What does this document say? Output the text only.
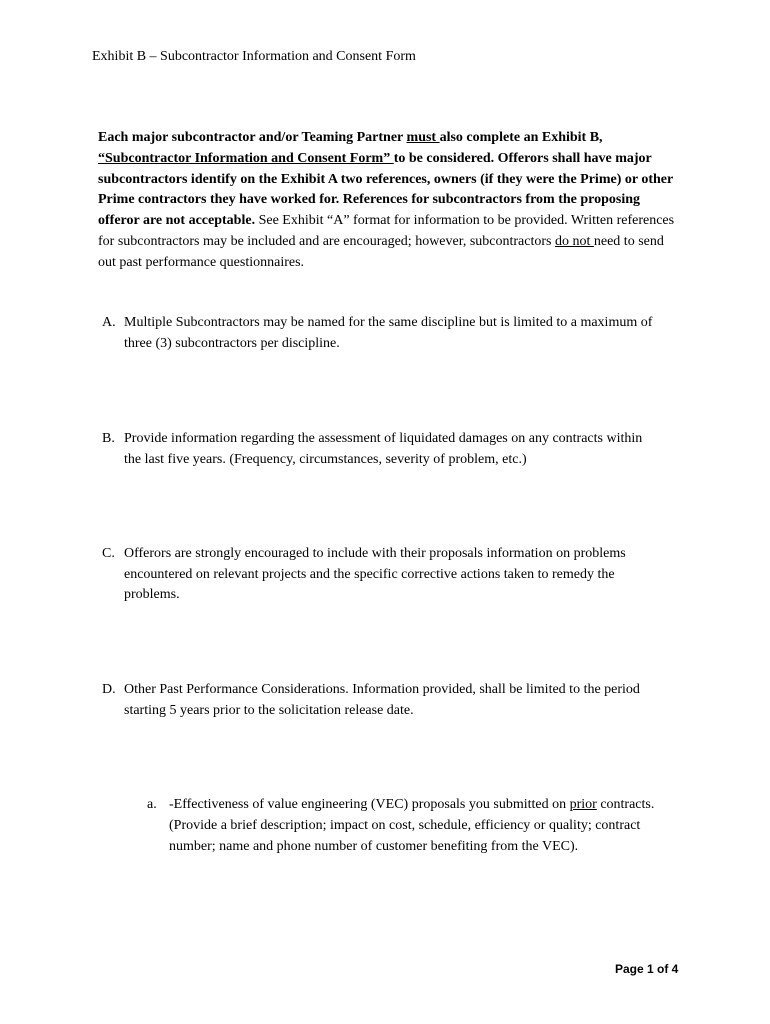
Exhibit B – Subcontractor Information and Consent Form
Each major subcontractor and/or Teaming Partner must also complete an Exhibit B, “Subcontractor Information and Consent Form” to be considered. Offerors shall have major subcontractors identify on the Exhibit A two references, owners (if they were the Prime) or other Prime contractors they have worked for. References for subcontractors from the proposing offeror are not acceptable. See Exhibit “A” format for information to be provided. Written references for subcontractors may be included and are encouraged; however, subcontractors do not need to send out past performance questionnaires.
A. Multiple Subcontractors may be named for the same discipline but is limited to a maximum of three (3) subcontractors per discipline.
B. Provide information regarding the assessment of liquidated damages on any contracts within the last five years. (Frequency, circumstances, severity of problem, etc.)
C. Offerors are strongly encouraged to include with their proposals information on problems encountered on relevant projects and the specific corrective actions taken to remedy the problems.
D. Other Past Performance Considerations. Information provided, shall be limited to the period starting 5 years prior to the solicitation release date.
a. -Effectiveness of value engineering (VEC) proposals you submitted on prior contracts. (Provide a brief description; impact on cost, schedule, efficiency or quality; contract number; name and phone number of customer benefiting from the VEC).
Page 1 of 4
